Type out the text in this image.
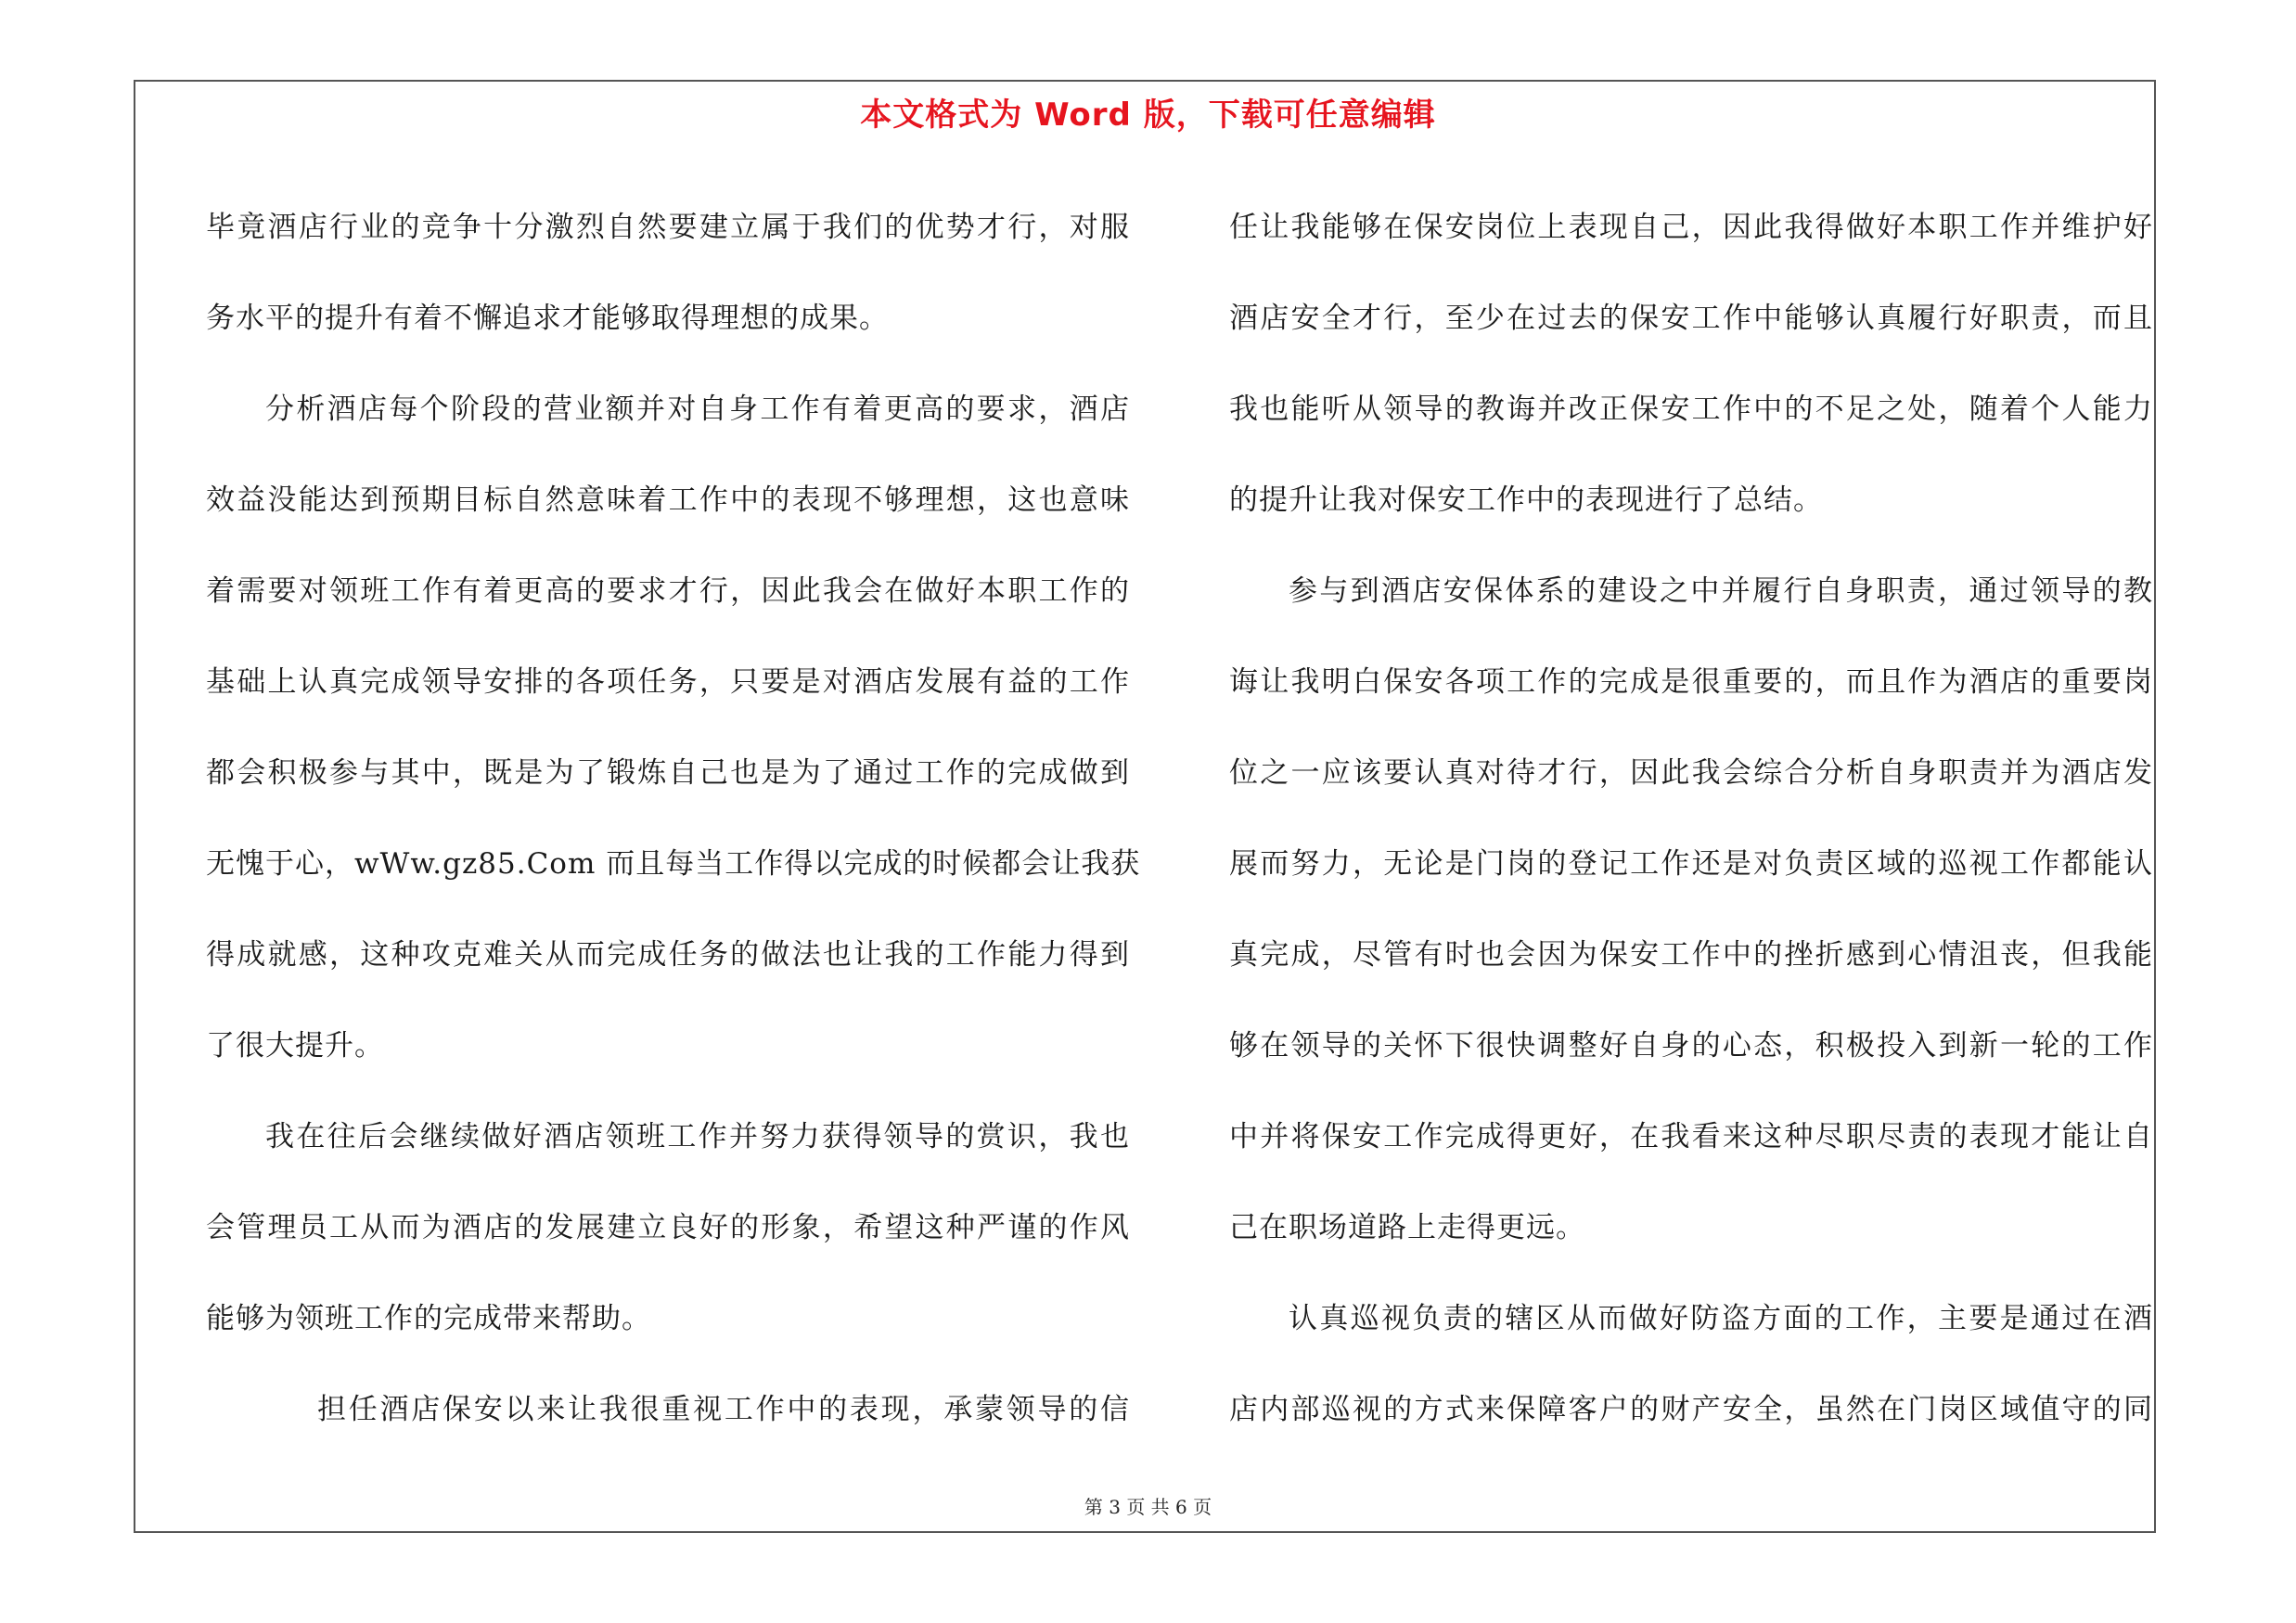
本文格式为 Word 版，下载可任意编辑
毕竟酒店行业的竞争十分激烈自然要建立属于我们的优势才行，对服
务水平的提升有着不懈追求才能够取得理想的成果。
分析酒店每个阶段的营业额并对自身工作有着更高的要求，酒店
效益没能达到预期目标自然意味着工作中的表现不够理想，这也意味
着需要对领班工作有着更高的要求才行，因此我会在做好本职工作的
基础上认真完成领导安排的各项任务，只要是对酒店发展有益的工作
都会积极参与其中，既是为了锻炼自己也是为了通过工作的完成做到
无愧于心，wWw.gz85.Com 而且每当工作得以完成的时候都会让我获
得成就感，这种攻克难关从而完成任务的做法也让我的工作能力得到
了很大提升。
我在往后会继续做好酒店领班工作并努力获得领导的赏识，我也
会管理员工从而为酒店的发展建立良好的形象，希望这种严谨的作风
能够为领班工作的完成带来帮助。
担任酒店保安以来让我很重视工作中的表现，承蒙领导的信
任让我能够在保安岗位上表现自己，因此我得做好本职工作并维护好
酒店安全才行，至少在过去的保安工作中能够认真履行好职责，而且
我也能听从领导的教诲并改正保安工作中的不足之处，随着个人能力
的提升让我对保安工作中的表现进行了总结。
参与到酒店安保体系的建设之中并履行自身职责，通过领导的教
诲让我明白保安各项工作的完成是很重要的，而且作为酒店的重要岗
位之一应该要认真对待才行，因此我会综合分析自身职责并为酒店发
展而努力，无论是门岗的登记工作还是对负责区域的巡视工作都能认
真完成，尽管有时也会因为保安工作中的挫折感到心情沮丧，但我能
够在领导的关怀下很快调整好自身的心态，积极投入到新一轮的工作
中并将保安工作完成得更好，在我看来这种尽职尽责的表现才能让自
己在职场道路上走得更远。
认真巡视负责的辖区从而做好防盗方面的工作，主要是通过在酒
店内部巡视的方式来保障客户的财产安全，虽然在门岗区域值守的同
第 3 页 共 6 页
